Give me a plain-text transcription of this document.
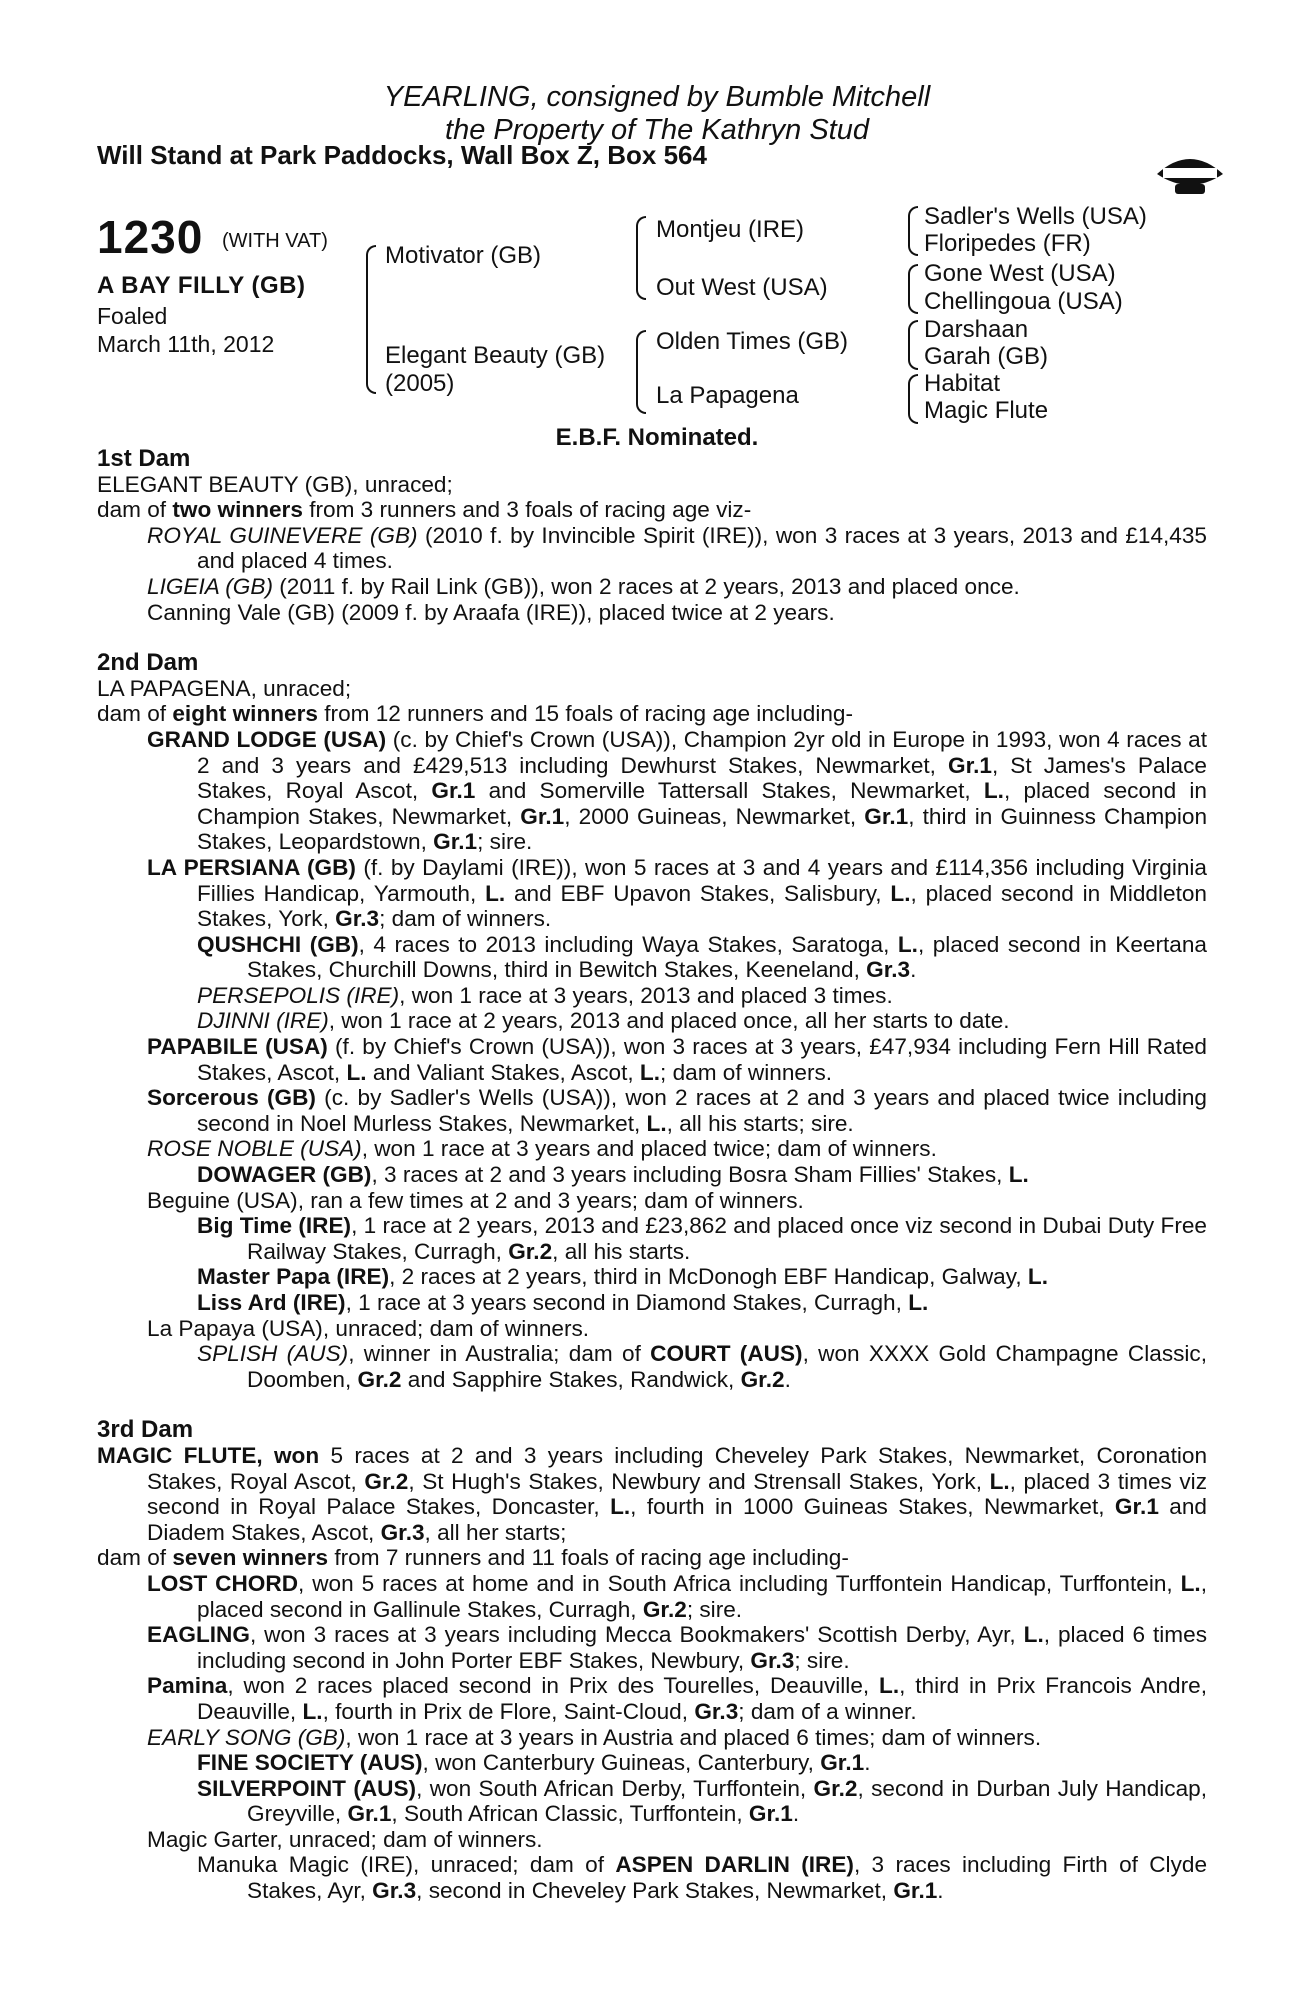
YEARLING, consigned by Bumble Mitchell
the Property of The Kathryn Stud
Will Stand at Park Paddocks, Wall Box Z, Box 564
1230 (WITH VAT)
A BAY FILLY (GB)
Foaled
March 11th, 2012
Motivator (GB)
Elegant Beauty (GB)
(2005)
Montjeu (IRE)
Out West (USA)
Olden Times (GB)
La Papagena
Sadler's Wells (USA)
Floripedes (FR)
Gone West (USA)
Chellingoua (USA)
Darshaan
Garah (GB)
Habitat
Magic Flute
E.B.F. Nominated.
1st Dam

ELEGANT BEAUTY (GB), unraced;

dam of two winners from 3 runners and 3 foals of racing age viz-

ROYAL GUINEVERE (GB) (2010 f. by Invincible Spirit (IRE)), won 3 races at 3 years, 2013 and £14,435 and placed 4 times.

LIGEIA (GB) (2011 f. by Rail Link (GB)), won 2 races at 2 years, 2013 and placed once.

Canning Vale (GB) (2009 f. by Araafa (IRE)), placed twice at 2 years.

2nd Dam

LA PAPAGENA, unraced;

dam of eight winners from 12 runners and 15 foals of racing age including-

GRAND LODGE (USA) (c. by Chief's Crown (USA)), Champion 2yr old in Europe in 1993, won 4 races at 2 and 3 years and £429,513 including Dewhurst Stakes, Newmarket, Gr.1, St James's Palace Stakes, Royal Ascot, Gr.1 and Somerville Tattersall Stakes, Newmarket, L., placed second in Champion Stakes, Newmarket, Gr.1, 2000 Guineas, Newmarket, Gr.1, third in Guinness Champion Stakes, Leopardstown, Gr.1; sire.

LA PERSIANA (GB) (f. by Daylami (IRE)), won 5 races at 3 and 4 years and £114,356 including Virginia Fillies Handicap, Yarmouth, L. and EBF Upavon Stakes, Salisbury, L., placed second in Middleton Stakes, York, Gr.3; dam of winners.

QUSHCHI (GB), 4 races to 2013 including Waya Stakes, Saratoga, L., placed second in Keertana Stakes, Churchill Downs, third in Bewitch Stakes, Keeneland, Gr.3.

PERSEPOLIS (IRE), won 1 race at 3 years, 2013 and placed 3 times.

DJINNI (IRE), won 1 race at 2 years, 2013 and placed once, all her starts to date.

PAPABILE (USA) (f. by Chief's Crown (USA)), won 3 races at 3 years, £47,934 including Fern Hill Rated Stakes, Ascot, L. and Valiant Stakes, Ascot, L.; dam of winners.

Sorcerous (GB) (c. by Sadler's Wells (USA)), won 2 races at 2 and 3 years and placed twice including second in Noel Murless Stakes, Newmarket, L., all his starts; sire.

ROSE NOBLE (USA), won 1 race at 3 years and placed twice; dam of winners.

DOWAGER (GB), 3 races at 2 and 3 years including Bosra Sham Fillies' Stakes, L.

Beguine (USA), ran a few times at 2 and 3 years; dam of winners.

Big Time (IRE), 1 race at 2 years, 2013 and £23,862 and placed once viz second in Dubai Duty Free Railway Stakes, Curragh, Gr.2, all his starts.

Master Papa (IRE), 2 races at 2 years, third in McDonogh EBF Handicap, Galway, L.

Liss Ard (IRE), 1 race at 3 years second in Diamond Stakes, Curragh, L.

La Papaya (USA), unraced; dam of winners.

SPLISH (AUS), winner in Australia; dam of COURT (AUS), won XXXX Gold Champagne Classic, Doomben, Gr.2 and Sapphire Stakes, Randwick, Gr.2.

3rd Dam

MAGIC FLUTE, won 5 races at 2 and 3 years including Cheveley Park Stakes, Newmarket, Coronation Stakes, Royal Ascot, Gr.2, St Hugh's Stakes, Newbury and Strensall Stakes, York, L., placed 3 times viz second in Royal Palace Stakes, Doncaster, L., fourth in 1000 Guineas Stakes, Newmarket, Gr.1 and Diadem Stakes, Ascot, Gr.3, all her starts;

dam of seven winners from 7 runners and 11 foals of racing age including-

LOST CHORD, won 5 races at home and in South Africa including Turffontein Handicap, Turffontein, L., placed second in Gallinule Stakes, Curragh, Gr.2; sire.

EAGLING, won 3 races at 3 years including Mecca Bookmakers' Scottish Derby, Ayr, L., placed 6 times including second in John Porter EBF Stakes, Newbury, Gr.3; sire.

Pamina, won 2 races placed second in Prix des Tourelles, Deauville, L., third in Prix Francois Andre, Deauville, L., fourth in Prix de Flore, Saint-Cloud, Gr.3; dam of a winner.

EARLY SONG (GB), won 1 race at 3 years in Austria and placed 6 times; dam of winners.

FINE SOCIETY (AUS), won Canterbury Guineas, Canterbury, Gr.1.

SILVERPOINT (AUS), won South African Derby, Turffontein, Gr.2, second in Durban July Handicap, Greyville, Gr.1, South African Classic, Turffontein, Gr.1.

Magic Garter, unraced; dam of winners.

Manuka Magic (IRE), unraced; dam of ASPEN DARLIN (IRE), 3 races including Firth of Clyde Stakes, Ayr, Gr.3, second in Cheveley Park Stakes, Newmarket, Gr.1.
